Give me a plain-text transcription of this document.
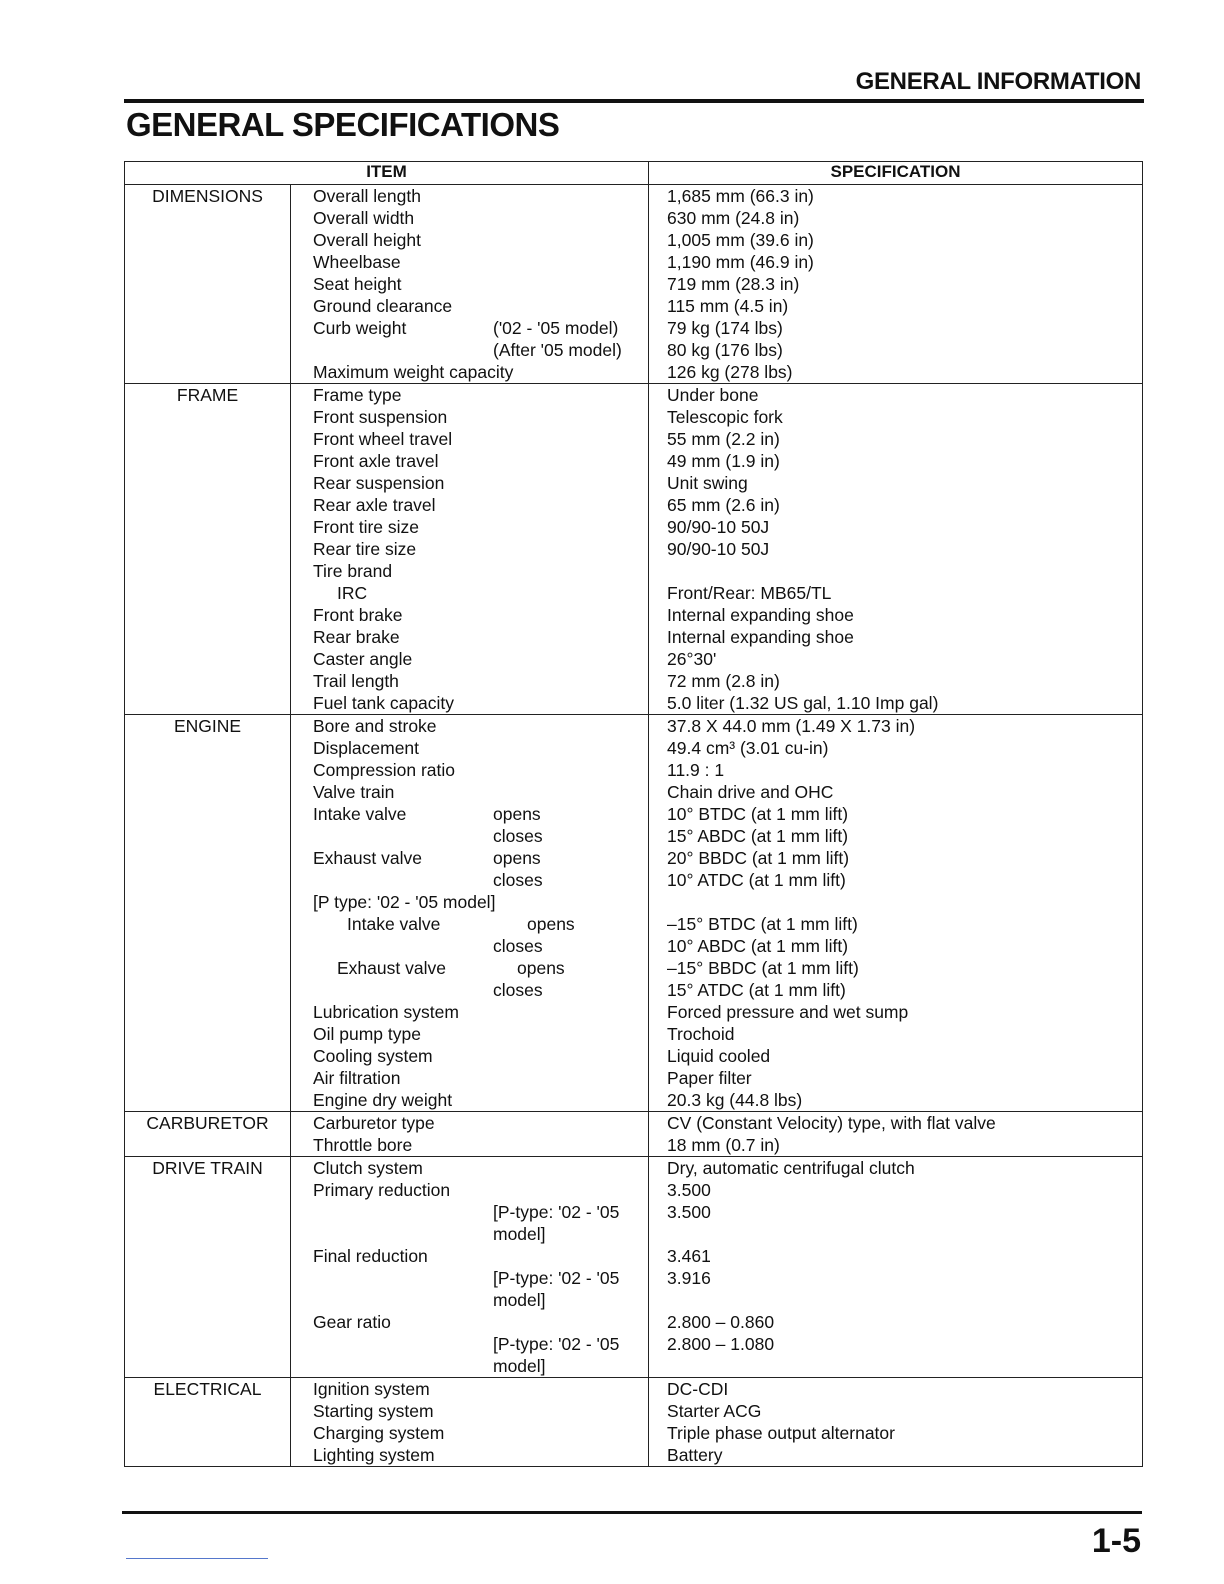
GENERAL INFORMATION
GENERAL SPECIFICATIONS
ITEM		SPECIFICATION
DIMENSIONS	Overall length	1,685 mm (66.3 in)

	Overall width	630 mm (24.8 in)

	Overall height	1,005 mm (39.6 in)

	Wheelbase	1,190 mm (46.9 in)

	Seat height	719 mm (28.3 in)

	Ground clearance	115 mm (4.5 in)

	Curb weight ('02 - '05 model)	79 kg (174 lbs)

	(After '05 model)	80 kg (176 lbs)

	Maximum weight capacity	126 kg (278 lbs)
FRAME	Frame type	Under bone

	Front suspension	Telescopic fork

	Front wheel travel	55 mm (2.2 in)

	Front axle travel	49 mm (1.9 in)

	Rear suspension	Unit swing

	Rear axle travel	65 mm (2.6 in)

	Front tire size	90/90-10 50J

	Rear tire size	90/90-10 50J

	Tire brand	

	IRC	Front/Rear: MB65/TL

	Front brake	Internal expanding shoe

	Rear brake	Internal expanding shoe

	Caster angle	26°30'

	Trail length	72 mm (2.8 in)

	Fuel tank capacity	5.0 liter (1.32 US gal, 1.10 Imp gal)
ENGINE	Bore and stroke	37.8 X 44.0 mm (1.49 X 1.73 in)

	Displacement	49.4 cm³ (3.01 cu-in)

	Compression ratio	11.9 : 1

	Valve train	Chain drive and OHC

	Intake valve opens	10° BTDC (at 1 mm lift)

	closes	15° ABDC (at 1 mm lift)

	Exhaust valve opens	20° BBDC (at 1 mm lift)

	closes	10° ATDC (at 1 mm lift)

	[P type: '02 - '05 model]	

	Intake valve opens	–15° BTDC (at 1 mm lift)

	closes	10° ABDC (at 1 mm lift)

	Exhaust valve opens	–15° BBDC (at 1 mm lift)

	closes	15° ATDC (at 1 mm lift)

	Lubrication system	Forced pressure and wet sump

	Oil pump type	Trochoid

	Cooling system	Liquid cooled

	Air filtration	Paper filter

	Engine dry weight	20.3 kg (44.8 lbs)
CARBURETOR	Carburetor type	CV (Constant Velocity) type, with flat valve

	Throttle bore	18 mm (0.7 in)
DRIVE TRAIN	Clutch system	Dry, automatic centrifugal clutch

	Primary reduction	3.500

	[P-type: '02 - '05 model]	3.500

	Final reduction	3.461

	[P-type: '02 - '05 model]	3.916

	Gear ratio	2.800 – 0.860

	[P-type: '02 - '05 model]	2.800 – 1.080
ELECTRICAL	Ignition system	DC-CDI

	Starting system	Starter ACG

	Charging system	Triple phase output alternator

	Lighting system	Battery
1-5
